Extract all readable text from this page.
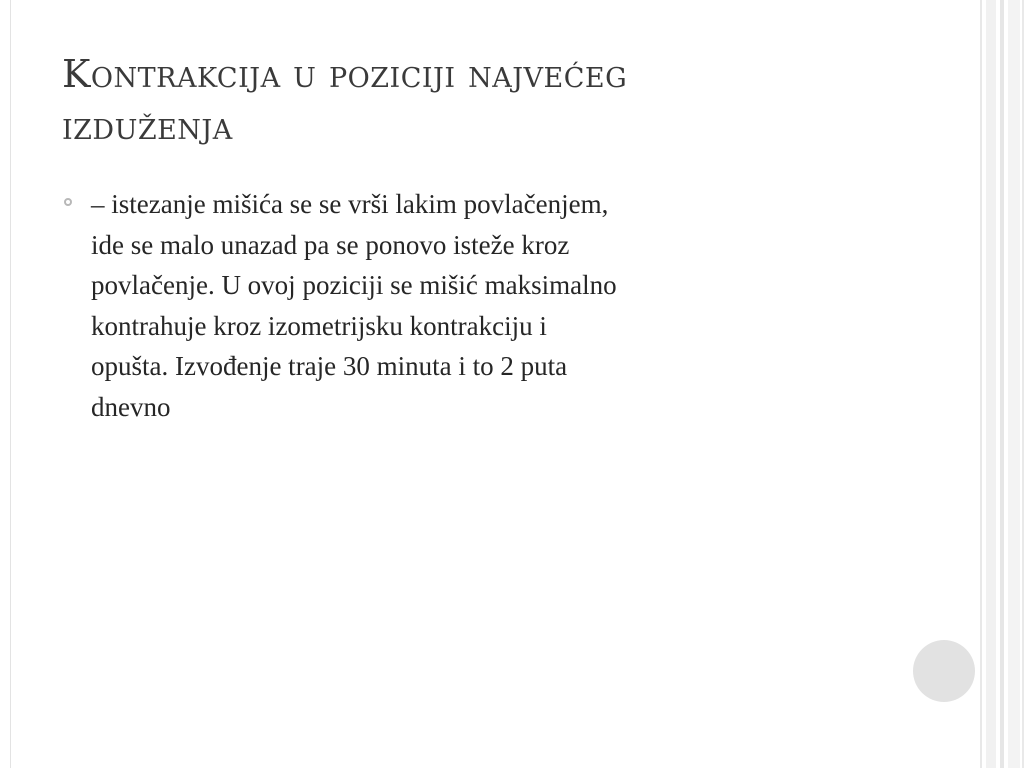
Kontrakcija u poziciji najvećeg
izduženja
– istezanje mišića se se vrši lakim povlačenjem,
ide se malo unazad pa se ponovo isteže kroz
povlačenje. U ovoj poziciji se mišić maksimalno
kontrahuje kroz izometrijsku kontrakciju i
opušta. Izvođenje traje 30 minuta i to 2 puta
dnevno
